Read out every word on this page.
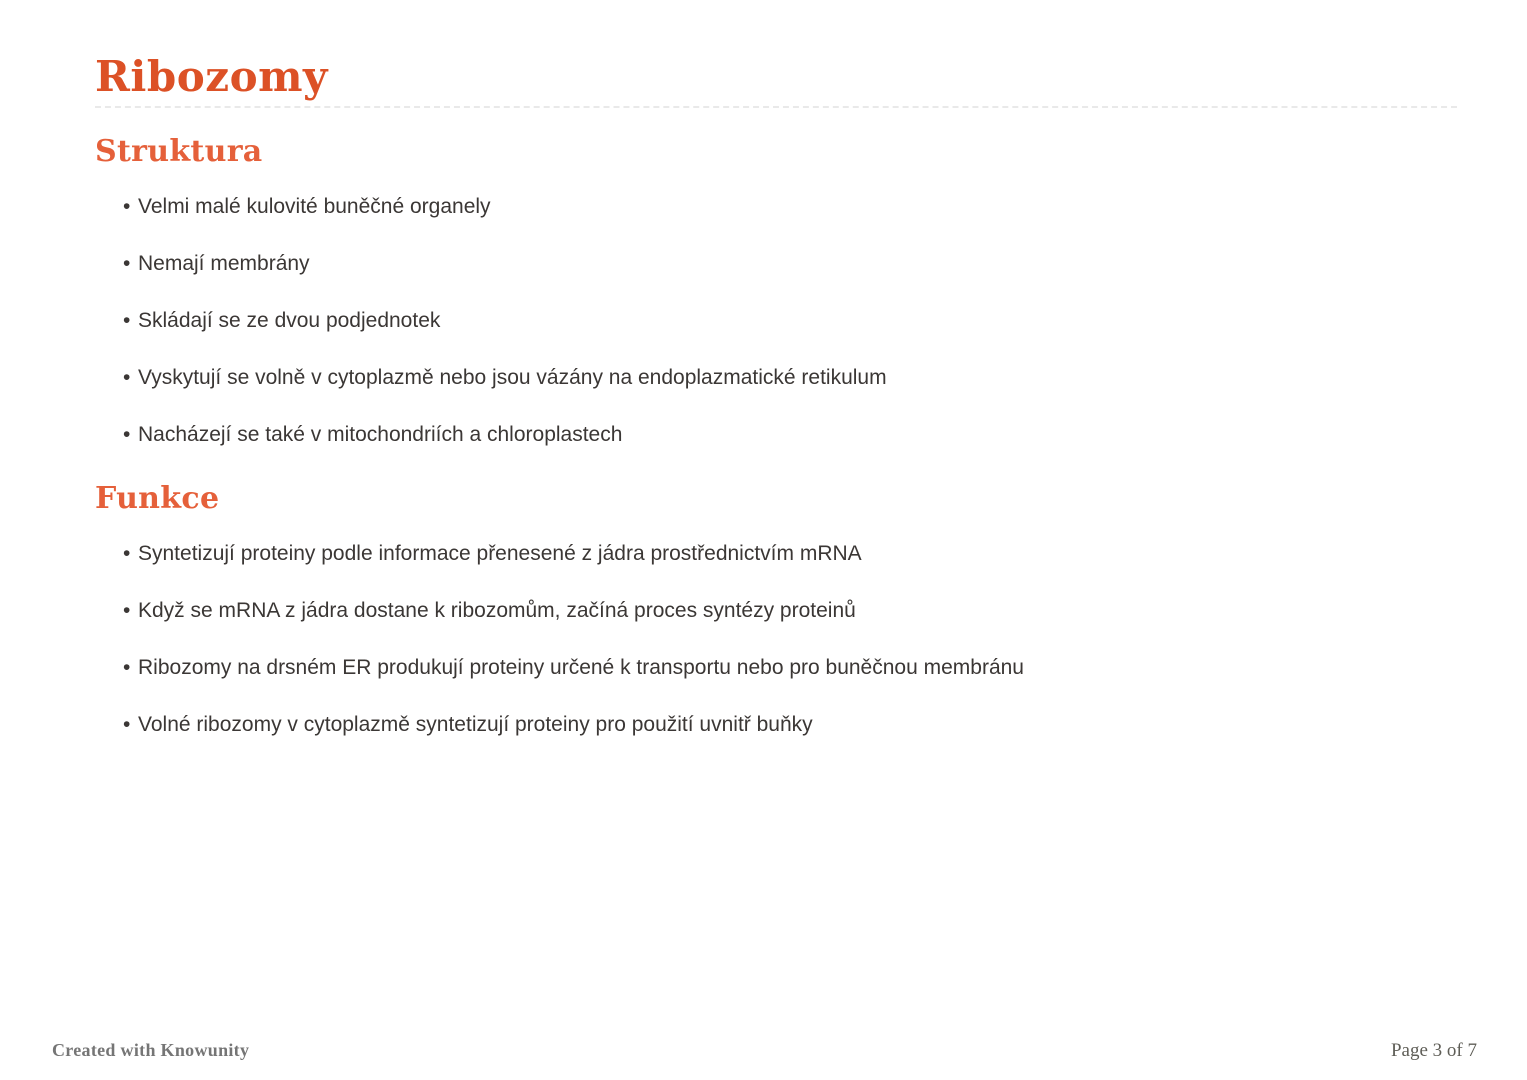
Ribozomy
Struktura
• Velmi malé kulovité buněčné organely
• Nemají membrány
• Skládají se ze dvou podjednotek
• Vyskytují se volně v cytoplazmě nebo jsou vázány na endoplazmatické retikulum
• Nacházejí se také v mitochondriích a chloroplastech
Funkce
• Syntetizují proteiny podle informace přenesené z jádra prostřednictvím mRNA
• Když se mRNA z jádra dostane k ribozomům, začíná proces syntézy proteinů
• Ribozomy na drsném ER produkují proteiny určené k transportu nebo pro buněčnou membránu
• Volné ribozomy v cytoplazmě syntetizují proteiny pro použití uvnitř buňky
Created with Knowunity	Page 3 of 7
